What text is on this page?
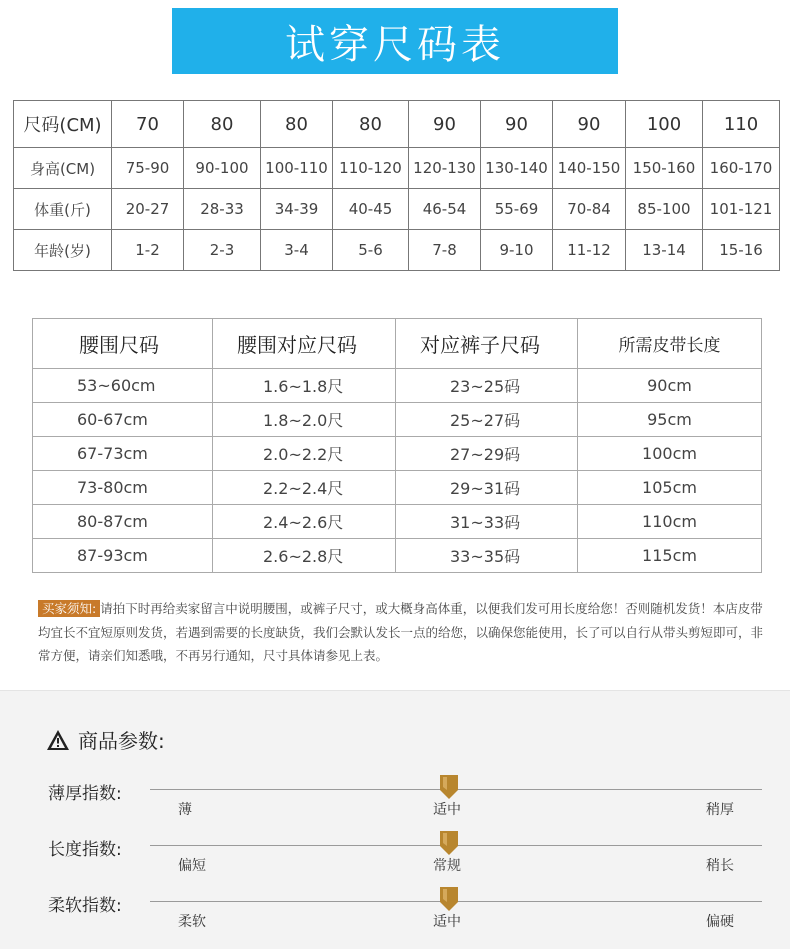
试穿尺码表
尺码(CM)	70	80	80	80	90	90	90	100	110
身高(CM)	75-90	90-100	100-110	110-120	120-130	130-140	140-150	150-160	160-170
体重(斤)	20-27	28-33	34-39	40-45	46-54	55-69	70-84	85-100	101-121
年龄(岁)	1-2	2-3	3-4	5-6	7-8	9-10	11-12	13-14	15-16
腰围尺码	腰围对应尺码	对应裤子尺码	所需皮带长度
53~60cm	1.6~1.8尺	23~25码	90cm
60-67cm	1.8~2.0尺	25~27码	95cm
67-73cm	2.0~2.2尺	27~29码	100cm
73-80cm	2.2~2.4尺	29~31码	105cm
80-87cm	2.4~2.6尺	31~33码	110cm
87-93cm	2.6~2.8尺	33~35码	115cm
买家须知: 请拍下时再给卖家留言中说明腰围，或裤子尺寸，或大概身高体重，以便我们发可用长度给您！否则随机发货！本店皮带均宜长不宜短原则发货，若遇到需要的长度缺货，我们会默认发长一点的给您，以确保您能使用，长了可以自行从带头剪短即可，非常方便，请亲们知悉哦，不再另行通知，尺寸具体请参见上表。
商品参数:
薄厚指数:
薄	适中	稍厚
长度指数:
偏短	常规	稍长
柔软指数:
柔软	适中	偏硬
